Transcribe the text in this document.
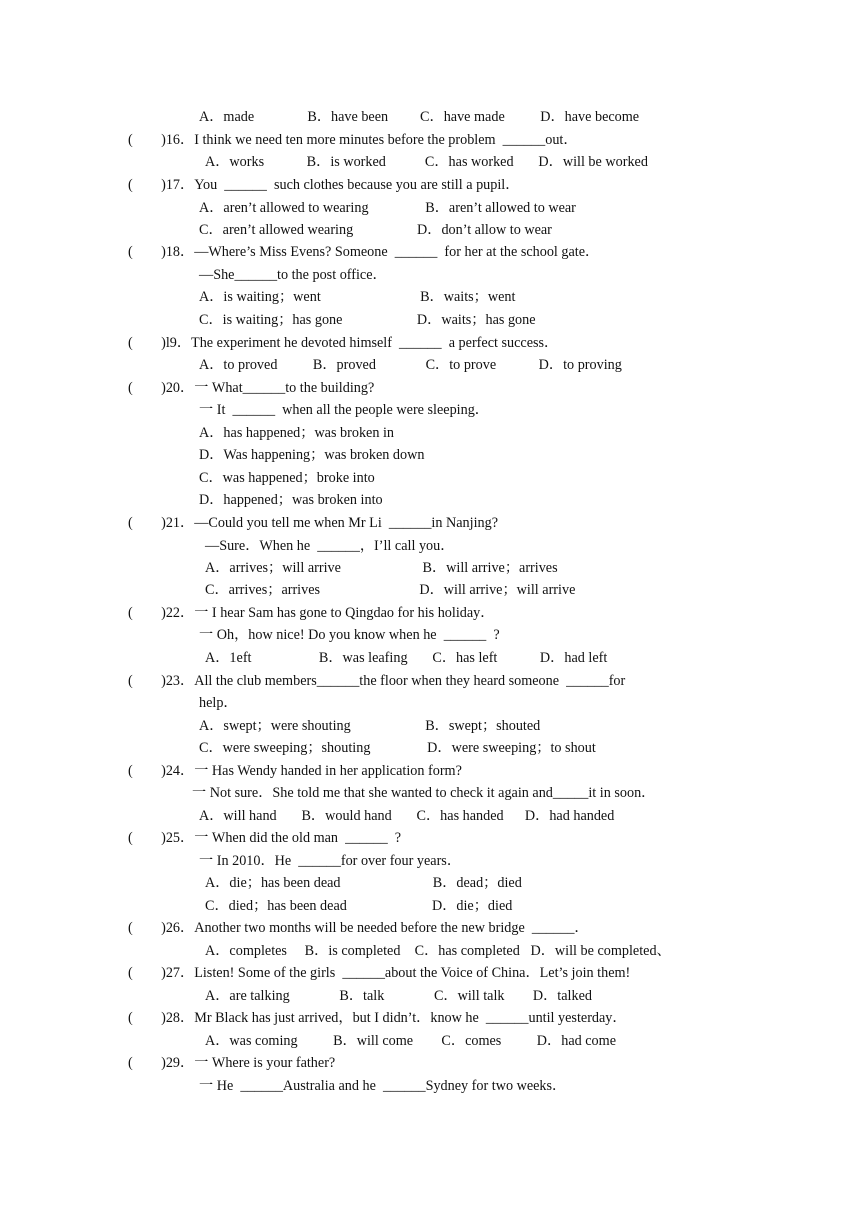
A．made               B．have been         C．have made          D．have become
(        )16．I think we need ten more minutes before the problem  ______out．
A．works            B．is worked           C．has worked       D．will be worked
(        )17．You  ______  such clothes because you are still a pupil．
A．aren’t allowed to wearing                B．aren’t allowed to wear
C．aren’t allowed wearing                  D．don’t allow to wear
(        )18．—Where’s Miss Evens? Someone  ______  for her at the school gate．
—She______to the post office．
A．is waiting；went                            B．waits；went
C．is waiting；has gone                     D．waits；has gone
(        )l9．The experiment he devoted himself  ______  a perfect success．
A．to proved          B．proved              C．to prove            D．to proving
(        )20．一 What______to the building?
一 It  ______  when all the people were sleeping．
A．has happened；was broken in
D．Was happening；was broken down
C．was happened；broke into
D．happened；was broken into
(        )21．—Could you tell me when Mr Li  ______in Nanjing?
—Sure．When he  ______，I’ll call you．
A．arrives；will arrive                       B．will arrive；arrives
C．arrives；arrives                            D．will arrive；will arrive
(        )22．一 I hear Sam has gone to Qingdao for his holiday．
一 Oh，how nice! Do you know when he  ______  ?
A．1eft                   B．was leafing       C．has left            D．had left
(        )23．All the club members______the floor when they heard someone  ______for
help．
A．swept；were shouting                     B．swept；shouted
C．were sweeping；shouting                D．were sweeping；to shout
(        )24．一 Has Wendy handed in her application form?
一 Not sure．She told me that she wanted to check it again and_____it in soon．
A．will hand       B．would hand       C．has handed      D．had handed
(        )25．一 When did the old man  ______  ?
一 In 2010．He  ______for over four years．
A．die；has been dead                          B．dead；died
C．died；has been dead                        D．die；died
(        )26．Another two months will be needed before the new bridge  ______．
A．completes     B．is completed    C．has completed   D．will be completed、
(        )27．Listen! Some of the girls  ______about the Voice of China．Let’s join them!
A．are talking              B．talk              C．will talk        D．talked
(        )28．Mr Black has just arrived，but I didn’t．know he  ______until yesterday．
A．was coming          B．will come        C．comes          D．had come
(        )29．一 Where is your father?
一 He  ______Australia and he  ______Sydney for two weeks．
